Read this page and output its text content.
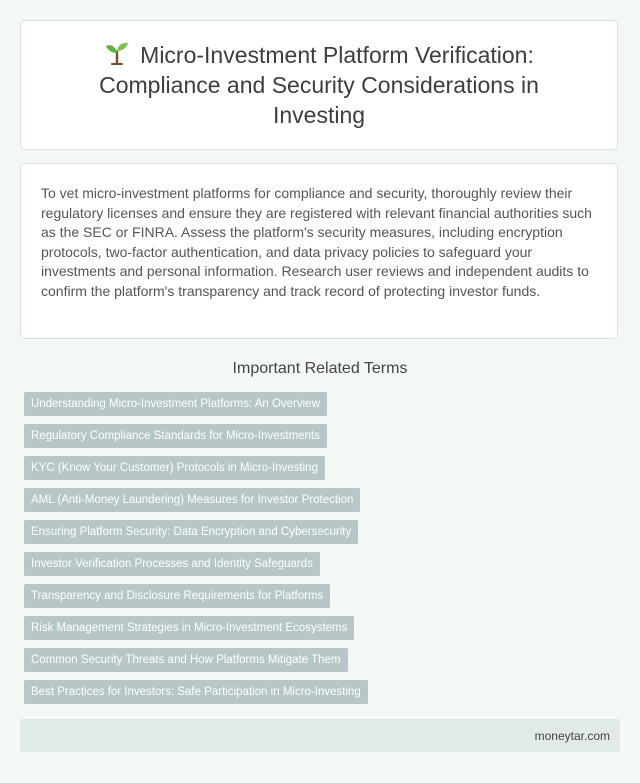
Micro-Investment Platform Verification: Compliance and Security Considerations in Investing

To vet micro-investment platforms for compliance and security, thoroughly review their regulatory licenses and ensure they are registered with relevant financial authorities such as the SEC or FINRA. Assess the platform's security measures, including encryption protocols, two-factor authentication, and data privacy policies to safeguard your investments and personal information. Research user reviews and independent audits to confirm the platform's transparency and track record of protecting investor funds.

Important Related Terms
Understanding Micro-Investment Platforms: An Overview
Regulatory Compliance Standards for Micro-Investments
KYC (Know Your Customer) Protocols in Micro-Investing
AML (Anti-Money Laundering) Measures for Investor Protection
Ensuring Platform Security: Data Encryption and Cybersecurity
Investor Verification Processes and Identity Safeguards
Transparency and Disclosure Requirements for Platforms
Risk Management Strategies in Micro-Investment Ecosystems
Common Security Threats and How Platforms Mitigate Them
Best Practices for Investors: Safe Participation in Micro-Investing
moneytar.com
